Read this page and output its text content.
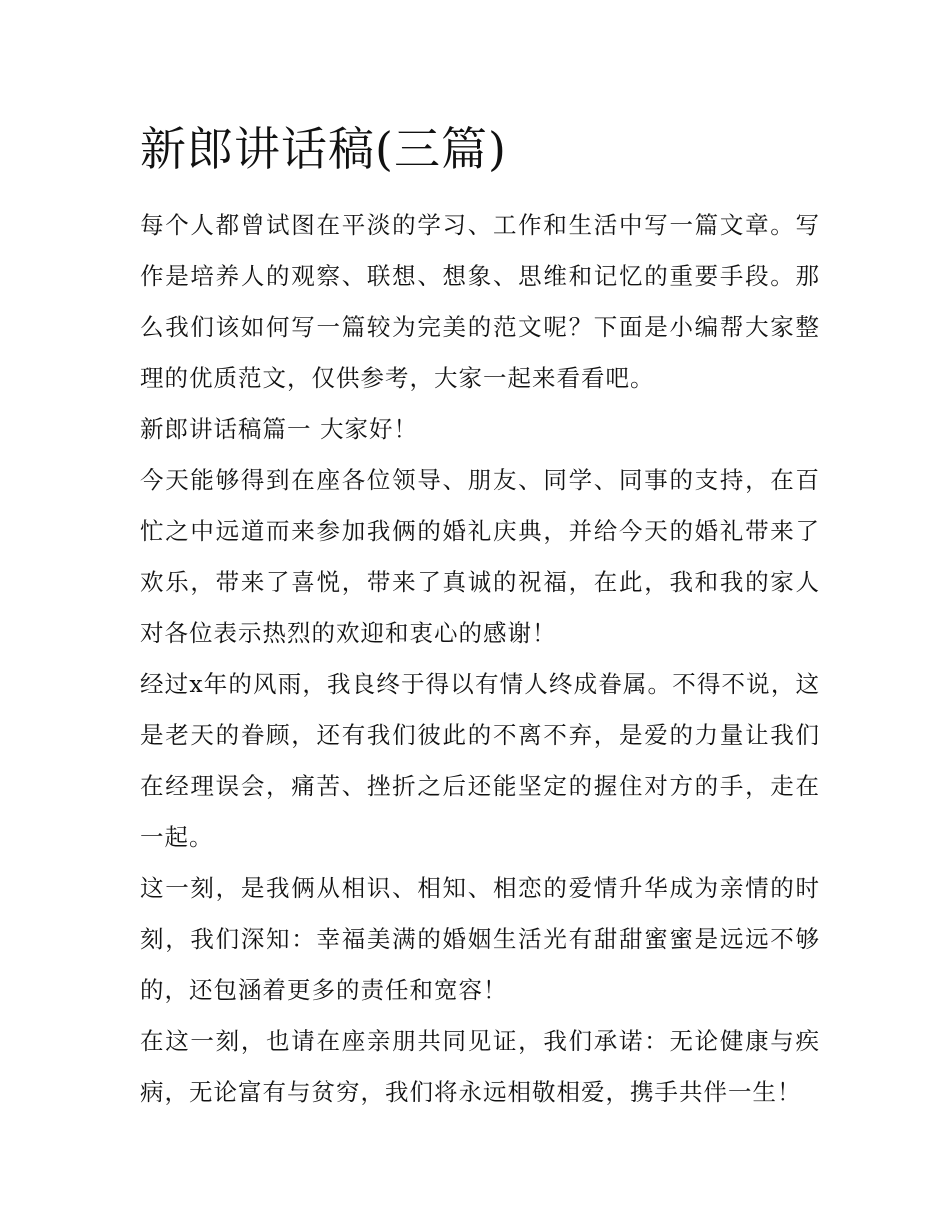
新郎讲话稿(三篇)

每个人都曾试图在平淡的学习、工作和生活中写一篇文章。写作是培养人的观察、联想、想象、思维和记忆的重要手段。那么我们该如何写一篇较为完美的范文呢？下面是小编帮大家整理的优质范文，仅供参考，大家一起来看看吧。

新郎讲话稿篇一 大家好！

今天能够得到在座各位领导、朋友、同学、同事的支持，在百忙之中远道而来参加我俩的婚礼庆典，并给今天的婚礼带来了欢乐，带来了喜悦，带来了真诚的祝福，在此，我和我的家人对各位表示热烈的欢迎和衷心的感谢！

经过x年的风雨，我良终于得以有情人终成眷属。不得不说，这是老天的眷顾，还有我们彼此的不离不弃，是爱的力量让我们在经理误会，痛苦、挫折之后还能坚定的握住对方的手，走在一起。

这一刻，是我俩从相识、相知、相恋的爱情升华成为亲情的时刻，我们深知：幸福美满的婚姻生活光有甜甜蜜蜜是远远不够的，还包涵着更多的责任和宽容！

在这一刻，也请在座亲朋共同见证，我们承诺：无论健康与疾病，无论富有与贫穷，我们将永远相敬相爱，携手共伴一生！
